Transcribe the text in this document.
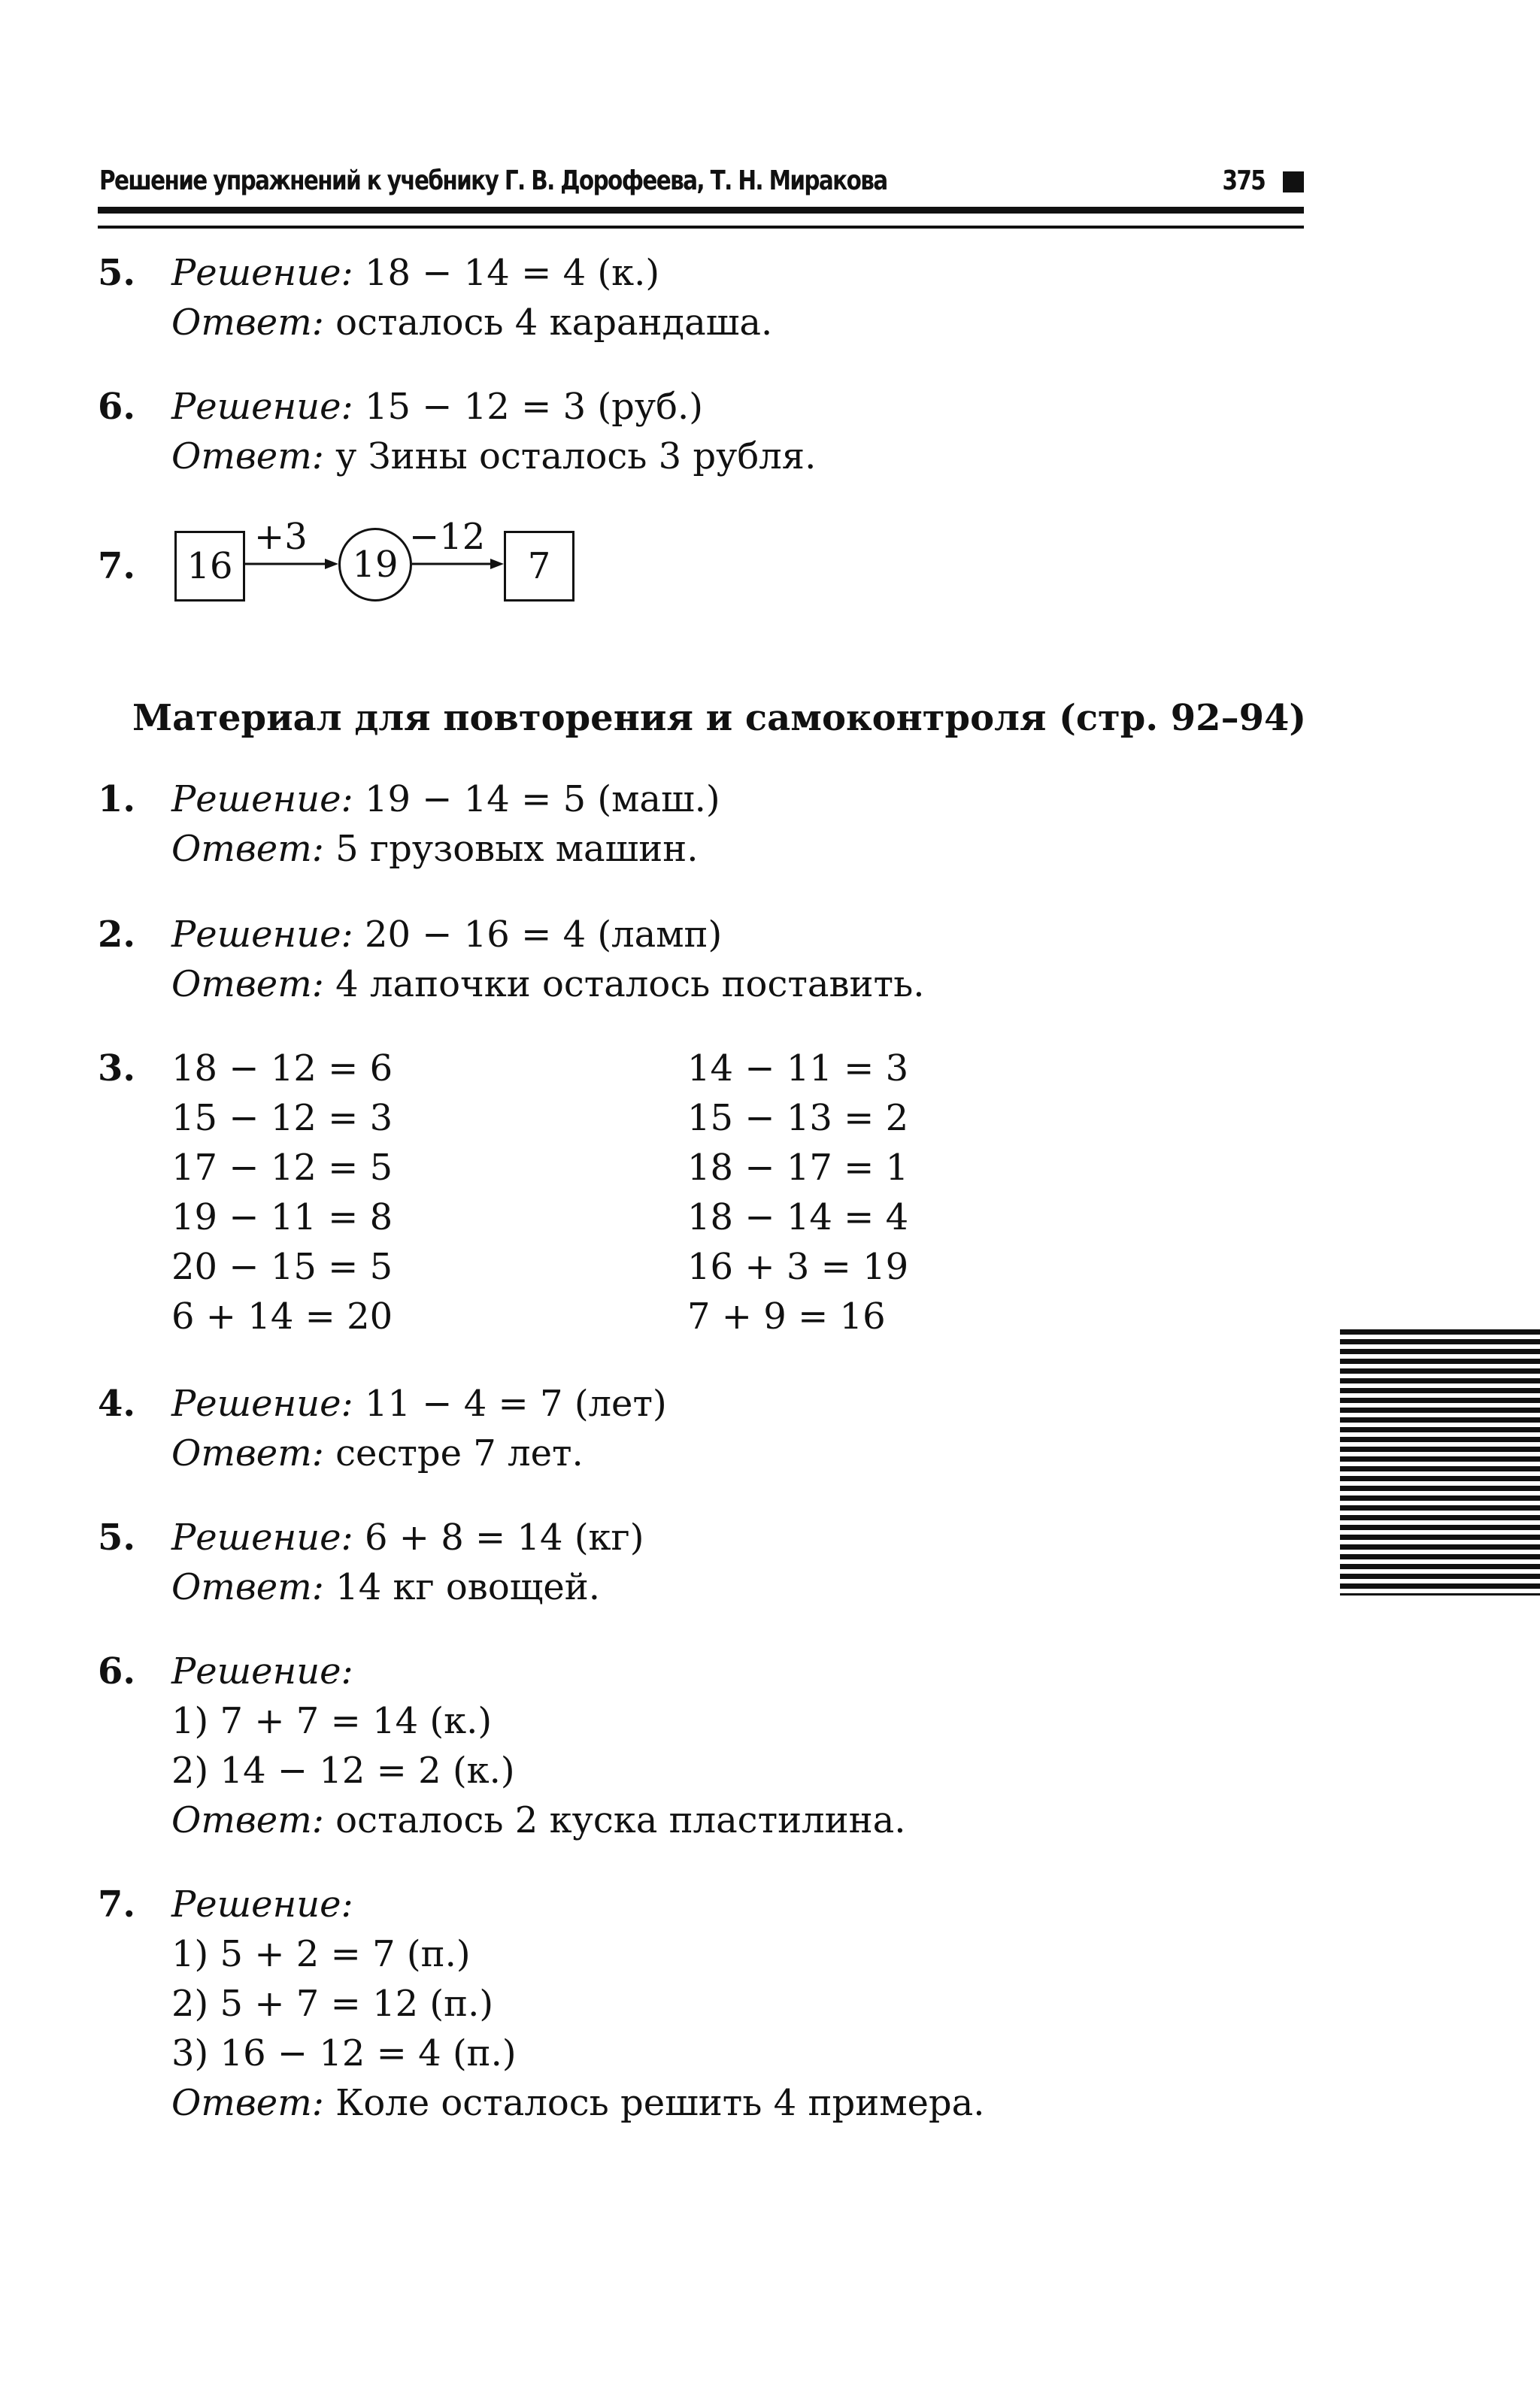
Решение упражнений к учебнику Г. В. Дорофеева, Т. Н. Миракова	375
5. Решение: 18 − 14 = 4 (к.)
Ответ: осталось 4 карандаша.
6. Решение: 15 − 12 = 3 (руб.)
Ответ: у Зины осталось 3 рубля.
7.	16
+3
19
−12
7
Материал для повторения и самоконтроля (стр. 92–94)
1. Решение: 19 − 14 = 5 (маш.)
Ответ: 5 грузовых машин.
2. Решение: 20 − 16 = 4 (ламп)
Ответ: 4 лапочки осталось поставить.
3. 18 − 12 = 6
15 − 12 = 3
17 − 12 = 5
19 − 11 = 8
20 − 15 = 5
6 + 14 = 20
14 − 11 = 3
15 − 13 = 2
18 − 17 = 1
18 − 14 = 4
16 + 3 = 19
7 + 9 = 16
4. Решение: 11 − 4 = 7 (лет)
Ответ: сестре 7 лет.
5. Решение: 6 + 8 = 14 (кг)
Ответ: 14 кг овощей.
6. Решение:
1) 7 + 7 = 14 (к.)
2) 14 − 12 = 2 (к.)
Ответ: осталось 2 куска пластилина.
7. Решение:
1) 5 + 2 = 7 (п.)
2) 5 + 7 = 12 (п.)
3) 16 − 12 = 4 (п.)
Ответ: Коле осталось решить 4 примера.
